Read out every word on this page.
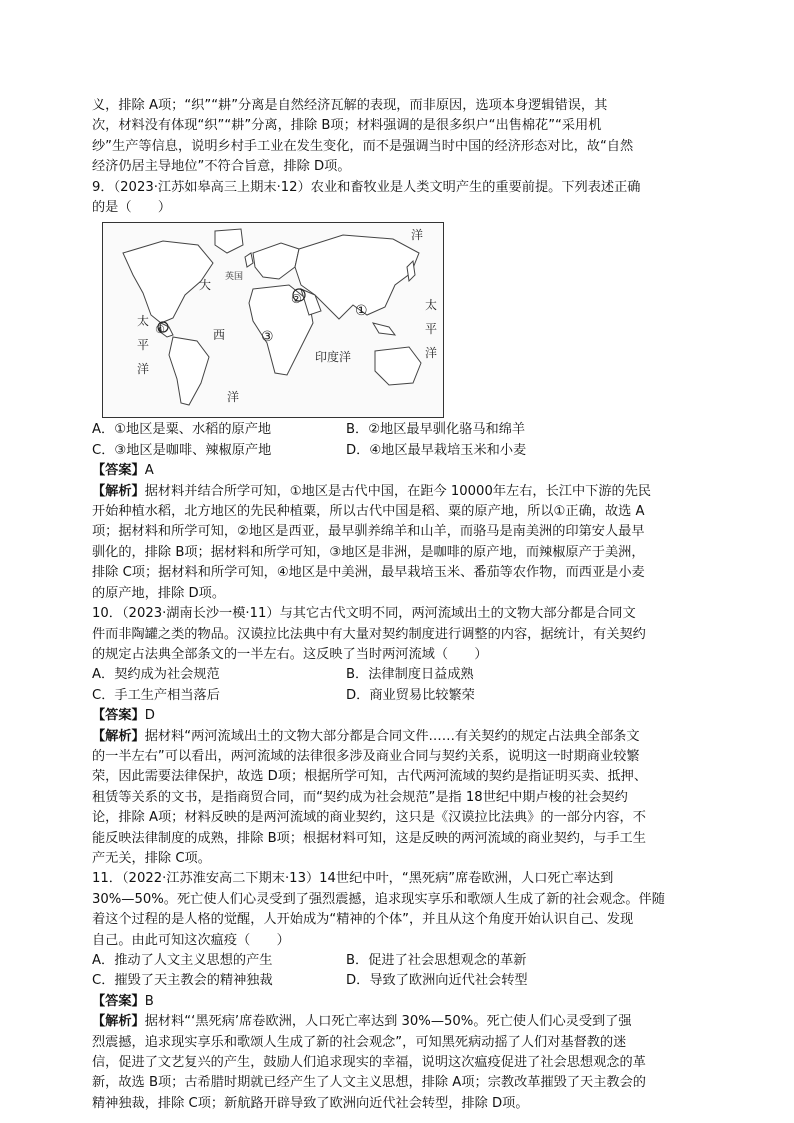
义，排除 A项；“织”“耕”分离是自然经济瓦解的表现，而非原因，选项本身逻辑错误，其

次，材料没有体现“织”“耕”分离，排除 B项；材料强调的是很多织户“出售棉花”“采用机

纱”生产等信息，说明乡村手工业在发生变化，而不是强调当时中国的经济形态对比，故“自然

经济仍居主导地位”不符合旨意，排除 D项。

9．（2023·江苏如皋高三上期末·12）农业和畜牧业是人类文明产生的重要前提。下列表述正确

的是（　　）

太
平
洋
太
平
洋
大
西
洋
洋
印度洋
英国
①
②
③
④
A．①地区是粟、水稻的原产地	B．②地区最早驯化骆马和绵羊
C．③地区是咖啡、辣椒原产地	D．④地区最早栽培玉米和小麦

【答案】A

【解析】据材料并结合所学可知，①地区是古代中国，在距今 10000年左右，长江中下游的先民

开始种植水稻，北方地区的先民种植粟，所以古代中国是稻、粟的原产地，所以①正确，故选 A

项；据材料和所学可知，②地区是西亚，最早驯养绵羊和山羊，而骆马是南美洲的印第安人最早

驯化的，排除 B项；据材料和所学可知，③地区是非洲，是咖啡的原产地，而辣椒原产于美洲，

排除 C项；据材料和所学可知，④地区是中美洲，最早栽培玉米、番茄等农作物，而西亚是小麦

的原产地，排除 D项。

10．（2023·湖南长沙一模·11）与其它古代文明不同，两河流域出土的文物大部分都是合同文

件而非陶罐之类的物品。汉谟拉比法典中有大量对契约制度进行调整的内容，据统计，有关契约

的规定占法典全部条文的一半左右。这反映了当时两河流域（　　）

A．契约成为社会规范	B．法律制度日益成熟
C．手工生产相当落后	D．商业贸易比较繁荣

【答案】D

【解析】据材料“两河流域出土的文物大部分都是合同文件……有关契约的规定占法典全部条文

的一半左右”可以看出，两河流域的法律很多涉及商业合同与契约关系，说明这一时期商业较繁

荣，因此需要法律保护，故选 D项；根据所学可知，古代两河流域的契约是指证明买卖、抵押、

租赁等关系的文书，是指商贸合同，而“契约成为社会规范”是指 18世纪中期卢梭的社会契约

论，排除 A项；材料反映的是两河流域的商业契约，这只是《汉谟拉比法典》的一部分内容，不

能反映法律制度的成熟，排除 B项；根据材料可知，这是反映的两河流域的商业契约，与手工生

产无关，排除 C项。

11．（2022·江苏淮安高二下期末·13）14世纪中叶，“黑死病”席卷欧洲，人口死亡率达到

30%—50%。死亡使人们心灵受到了强烈震撼，追求现实享乐和歌颂人生成了新的社会观念。伴随

着这个过程的是人格的觉醒，人开始成为“精神的个体”，并且从这个角度开始认识自己、发现

自己。由此可知这次瘟疫（　　）

A．推动了人文主义思想的产生	B．促进了社会思想观念的革新
C．摧毁了天主教会的精神独裁	D．导致了欧洲向近代社会转型

【答案】B

【解析】据材料“‘黑死病’席卷欧洲，人口死亡率达到 30%—50%。死亡使人们心灵受到了强

烈震撼，追求现实享乐和歌颂人生成了新的社会观念”，可知黑死病动摇了人们对基督教的迷

信，促进了文艺复兴的产生，鼓励人们追求现实的幸福，说明这次瘟疫促进了社会思想观念的革

新，故选 B项；古希腊时期就已经产生了人文主义思想，排除 A项；宗教改革摧毁了天主教会的

精神独裁，排除 C项；新航路开辟导致了欧洲向近代社会转型，排除 D项。
